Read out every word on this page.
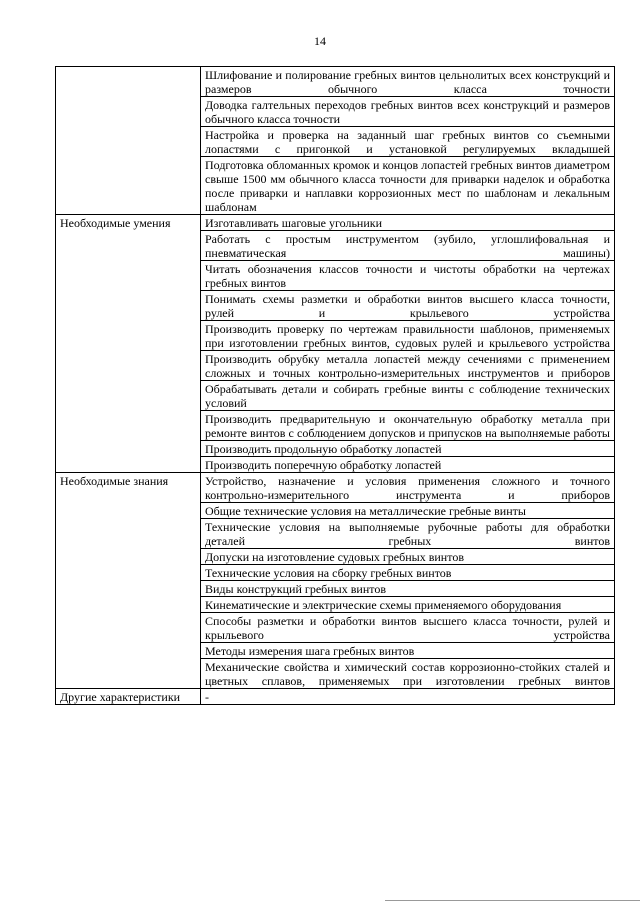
14
	Шлифование и полирование гребных винтов цельнолитых всех конструкций и размеров обычного класса точности
	Доводка галтельных переходов гребных винтов всех конструкций и размеров обычного класса точности
	Настройка и проверка на заданный шаг гребных винтов со съемными лопастями с пригонкой и установкой регулируемых вкладышей
	Подготовка обломанных кромок и концов лопастей гребных винтов диаметром свыше 1500 мм обычного класса точности для приварки наделок и обработка после приварки и наплавки коррозионных мест по шаблонам и лекальным шаблонам
Необходимые умения	Изготавливать шаговые угольники
	Работать с простым инструментом (зубило, углошлифовальная и пневматическая машины)
	Читать обозначения классов точности и чистоты обработки на чертежах гребных винтов
	Понимать схемы разметки и обработки винтов высшего класса точности, рулей и крыльевого устройства
	Производить проверку по чертежам правильности шаблонов, применяемых при изготовлении гребных винтов, судовых рулей и крыльевого устройства
	Производить обрубку металла лопастей между сечениями с применением сложных и точных контрольно-измерительных инструментов и приборов
	Обрабатывать детали и собирать гребные винты с соблюдение технических условий
	Производить предварительную и окончательную обработку металла при ремонте винтов с соблюдением допусков и припусков на выполняемые работы
	Производить продольную обработку лопастей
	Производить поперечную обработку лопастей
Необходимые знания	Устройство, назначение и условия применения сложного и точного контрольно-измерительного инструмента и приборов
	Общие технические условия на металлические гребные винты
	Технические условия на выполняемые рубочные работы для обработки деталей гребных винтов
	Допуски на изготовление судовых гребных винтов
	Технические условия на сборку гребных винтов
	Виды конструкций гребных винтов
	Кинематические и электрические схемы применяемого оборудования
	Способы разметки и обработки винтов высшего класса точности, рулей и крыльевого устройства
	Методы измерения шага гребных винтов
	Механические свойства и химический состав коррозионно-стойких сталей и цветных сплавов, применяемых при изготовлении гребных винтов
Другие характеристики	-
